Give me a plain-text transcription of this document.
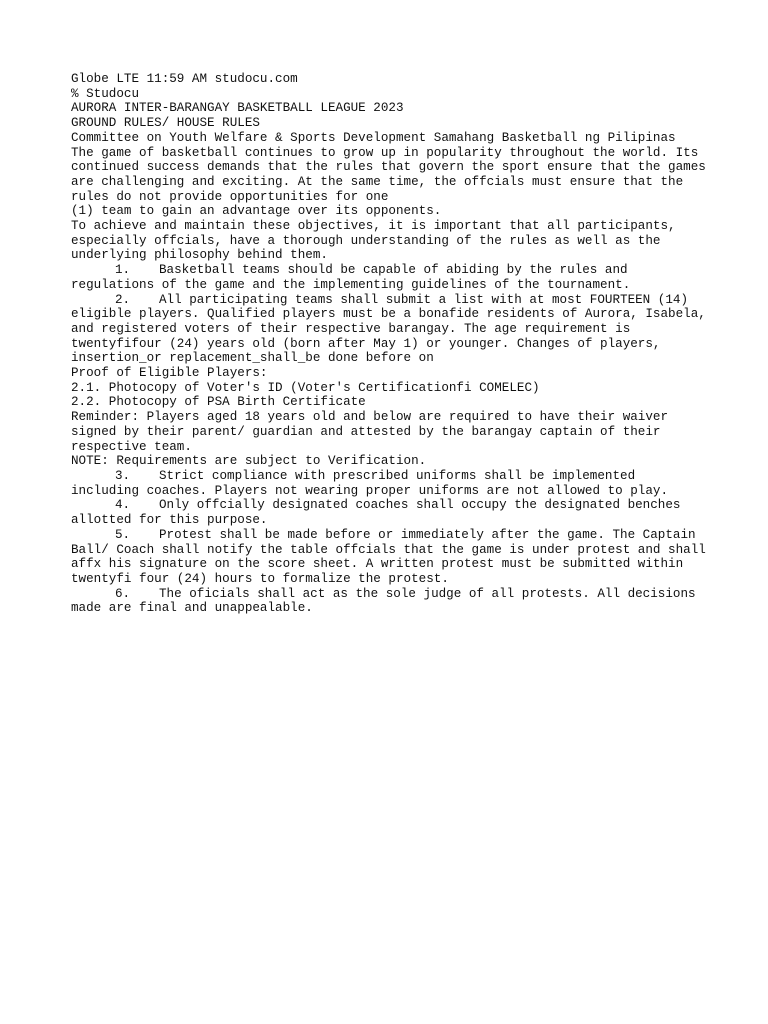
Globe LTE 11:59 AM studocu.com
% Studocu
AURORA INTER-BARANGAY BASKETBALL LEAGUE 2023
GROUND RULES/ HOUSE RULES
Committee on Youth Welfare & Sports Development Samahang Basketball ng Pilipinas
The game of basketball continues to grow up in popularity throughout the world. Its continued success demands that the rules that govern the sport ensure that the games are challenging and exciting. At the same time, the offcials must ensure that the rules do not provide opportunities for one
(1) team to gain an advantage over its opponents.
To achieve and maintain these objectives, it is important that all participants, especially offcials, have a thorough understanding of the rules as well as the underlying philosophy behind them.
1. Basketball teams should be capable of abiding by the rules and
regulations of the game and the implementing guidelines of the tournament.
2. All participating teams shall submit a list with at most FOURTEEN (14)
eligible players. Qualified players must be a bonafide residents of Aurora, Isabela, and registered voters of their respective barangay. The age requirement is twentyfifour (24) years old (born after May 1) or younger. Changes of players, insertion_or replacement_shall_be done before on
Proof of Eligible Players:
2.1. Photocopy of Voter's ID (Voter's Certificationfi COMELEC)
2.2. Photocopy of PSA Birth Certificate
Reminder: Players aged 18 years old and below are required to have their waiver signed by their parent/ guardian and attested by the barangay captain of their respective team.
NOTE: Requirements are subject to Verification.
3. Strict compliance with prescribed uniforms shall be implemented
including coaches. Players not wearing proper uniforms are not allowed to play.
4. Only offcially designated coaches shall occupy the designated benches
allotted for this purpose.
5. Protest shall be made before or immediately after the game. The Captain
Ball/ Coach shall notify the table offcials that the game is under protest and shall affx his signature on the score sheet. A written protest must be submitted within twentyfi four (24) hours to formalize the protest.
6. The oficials shall act as the sole judge of all protests. All decisions
made are final and unappealable.
